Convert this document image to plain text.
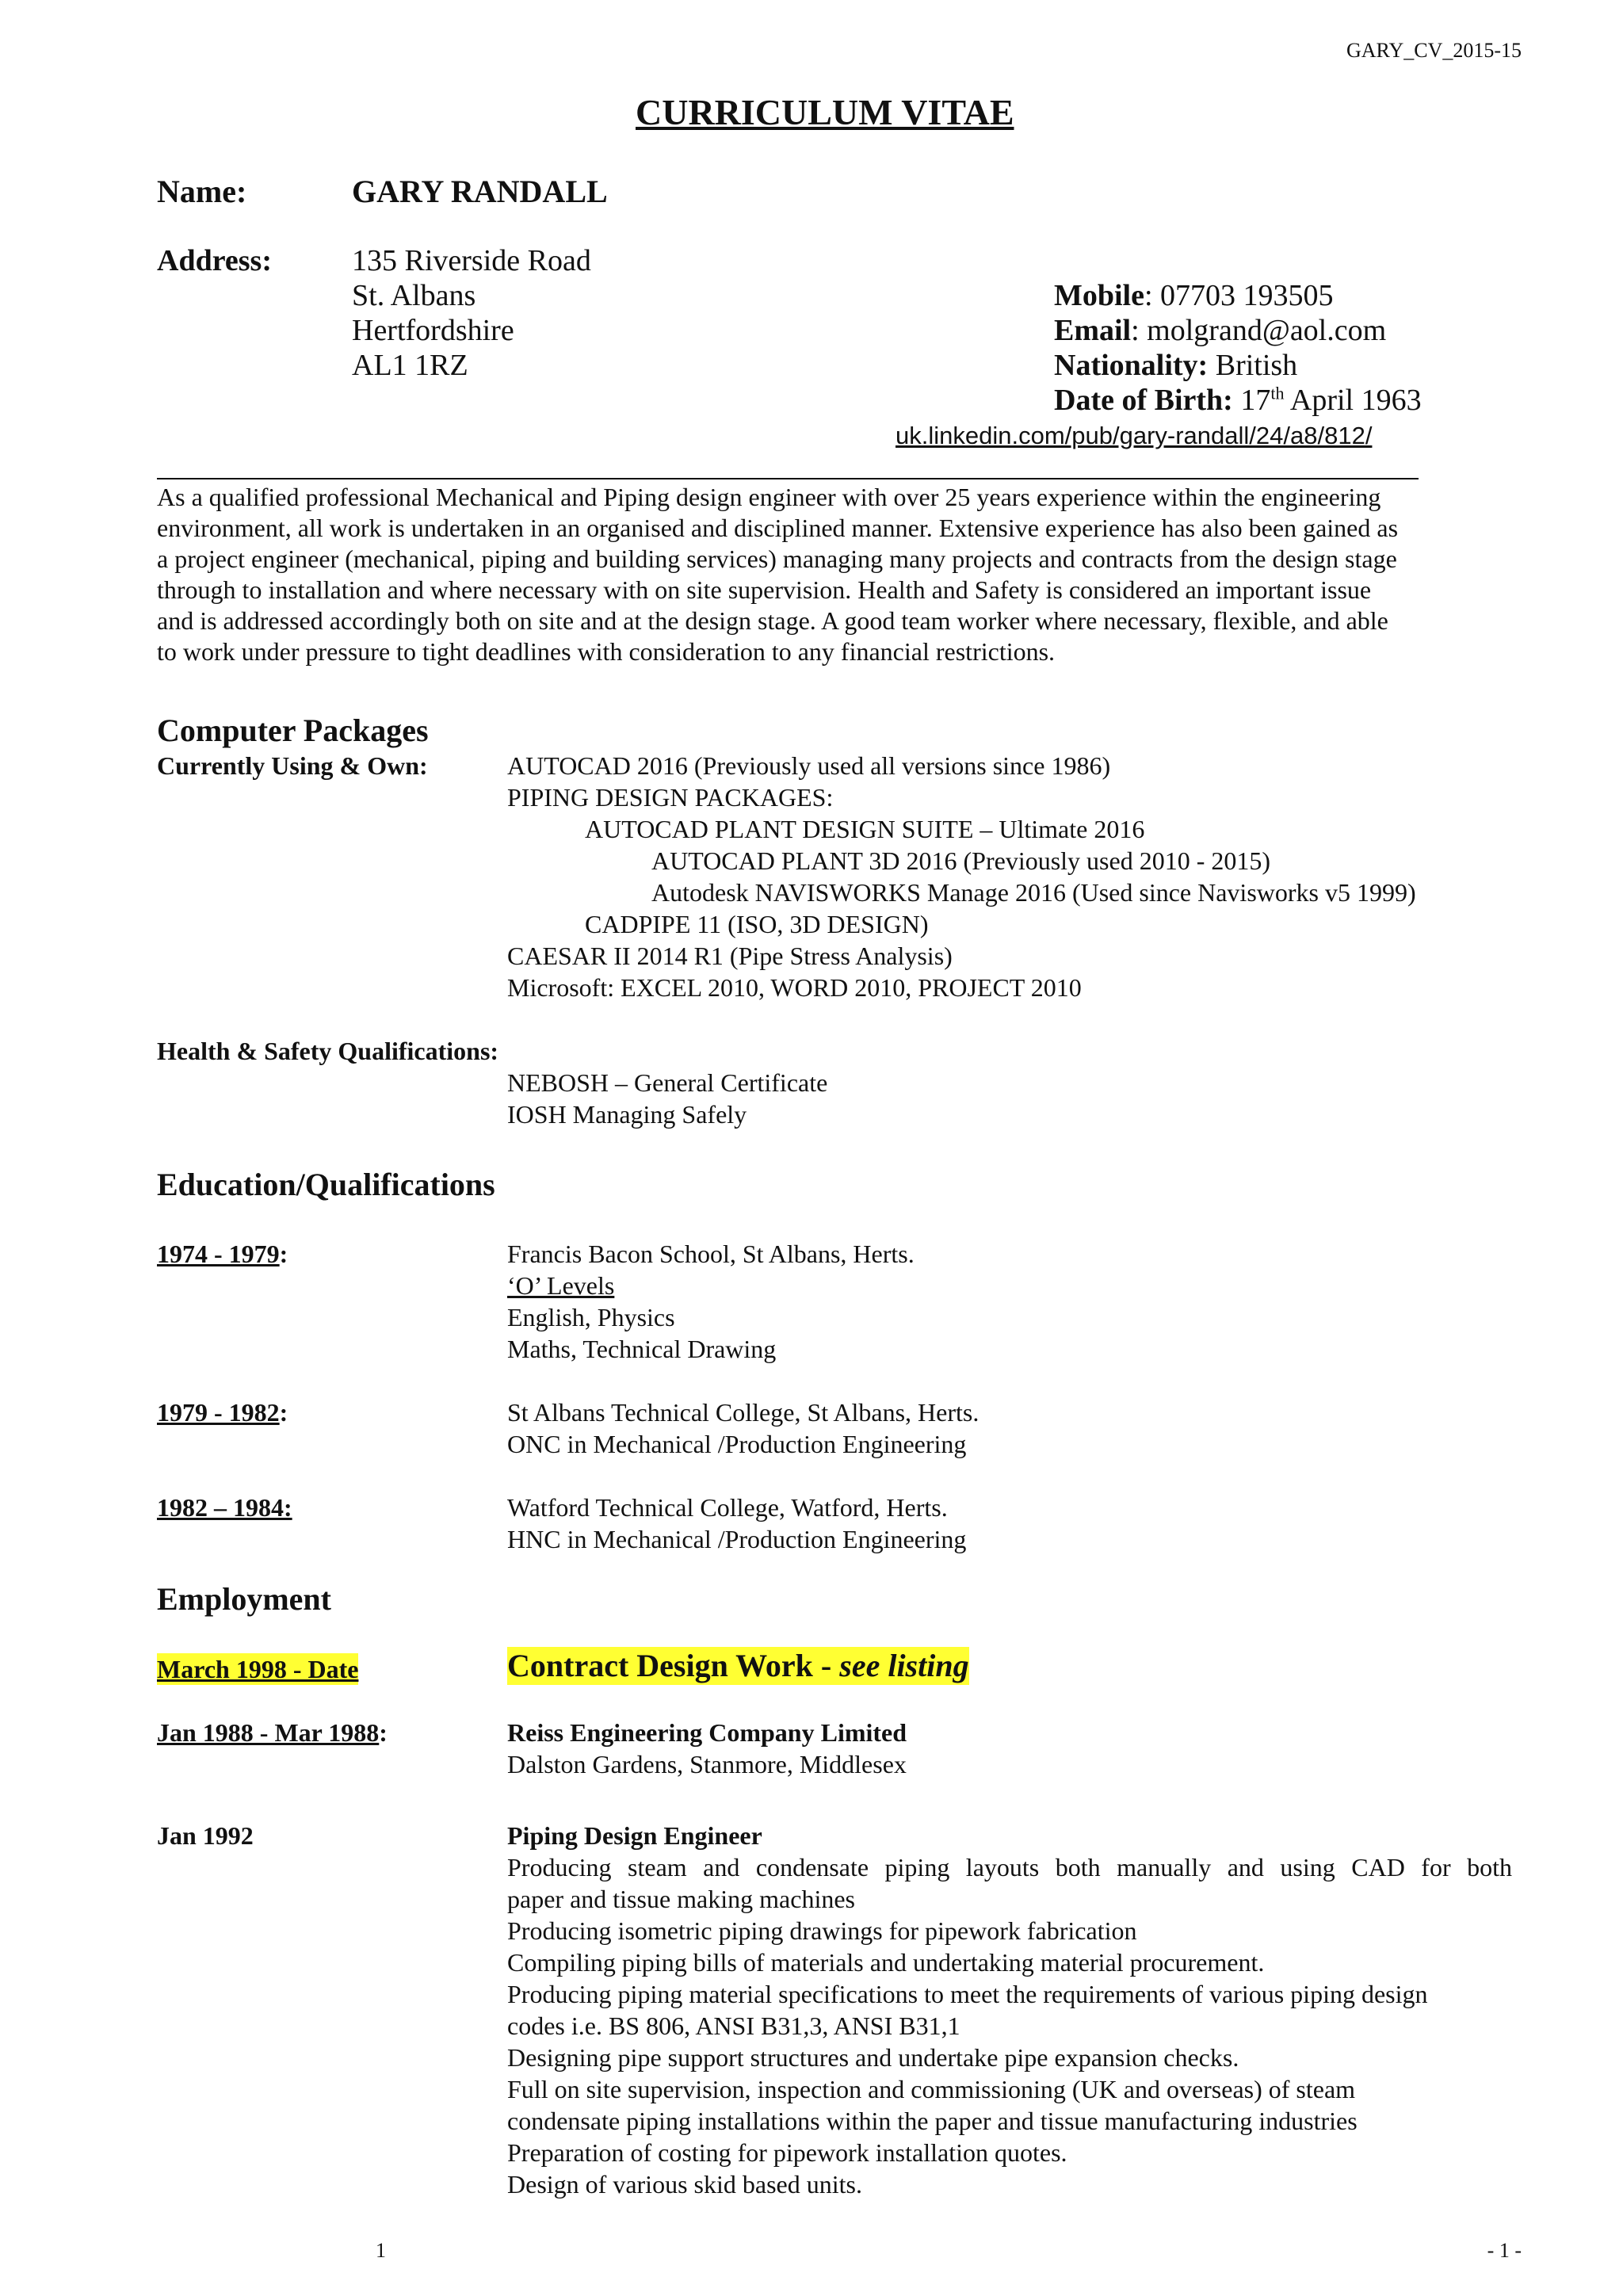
GARY_CV_2015-15
CURRICULUM VITAE
Name:	GARY RANDALL
Address:	135 Riverside Road
St. Albans
Hertfordshire
AL1 1RZ
Mobile: 07703 193505
Email: molgrand@aol.com
Nationality: British
Date of Birth: 17th April 1963
uk.linkedin.com/pub/gary-randall/24/a8/812/
As a qualified professional Mechanical and Piping design engineer with over 25 years experience within the engineering
environment, all work is undertaken in an organised and disciplined manner. Extensive experience has also been gained as
a project engineer (mechanical, piping and building services) managing many projects and contracts from the design stage
through to installation and where necessary with on site supervision. Health and Safety is considered an important issue
and is addressed accordingly both on site and at the design stage. A good team worker where necessary, flexible, and able
to work under pressure to tight deadlines with consideration to any financial restrictions.
Computer Packages
Currently Using & Own:	AUTOCAD 2016 (Previously used all versions since 1986)
PIPING DESIGN PACKAGES:
AUTOCAD PLANT DESIGN SUITE – Ultimate 2016
AUTOCAD PLANT 3D 2016 (Previously used 2010 - 2015)
Autodesk NAVISWORKS Manage 2016 (Used since Navisworks v5 1999)
CADPIPE 11 (ISO, 3D DESIGN)
CAESAR II 2014 R1 (Pipe Stress Analysis)
Microsoft: EXCEL 2010, WORD 2010, PROJECT 2010
Health & Safety Qualifications:
NEBOSH – General Certificate
IOSH Managing Safely
Education/Qualifications
1974 - 1979:	Francis Bacon School, St Albans, Herts.
‘O’ Levels
English, Physics
Maths, Technical Drawing
1979 - 1982:	St Albans Technical College, St Albans, Herts.
ONC in Mechanical /Production Engineering
1982 – 1984:	Watford Technical College, Watford, Herts.
HNC in Mechanical /Production Engineering
Employment
March 1998 - Date	Contract Design Work - see listing
Jan 1988 - Mar 1988:	Reiss Engineering Company Limited
Dalston Gardens, Stanmore, Middlesex
Jan 1992	Piping Design Engineer
Producing steam and condensate piping layouts both manually and using CAD for both
paper and tissue making machines
Producing isometric piping drawings for pipework fabrication
Compiling piping bills of materials and undertaking material procurement.
Producing piping material specifications to meet the requirements of various piping design
codes i.e. BS 806, ANSI B31,3, ANSI B31,1
Designing pipe support structures and undertake pipe expansion checks.
Full on site supervision, inspection and commissioning (UK and overseas) of steam
condensate piping installations within the paper and tissue manufacturing industries
Preparation of costing for pipework installation quotes.
Design of various skid based units.
1	- 1 -
